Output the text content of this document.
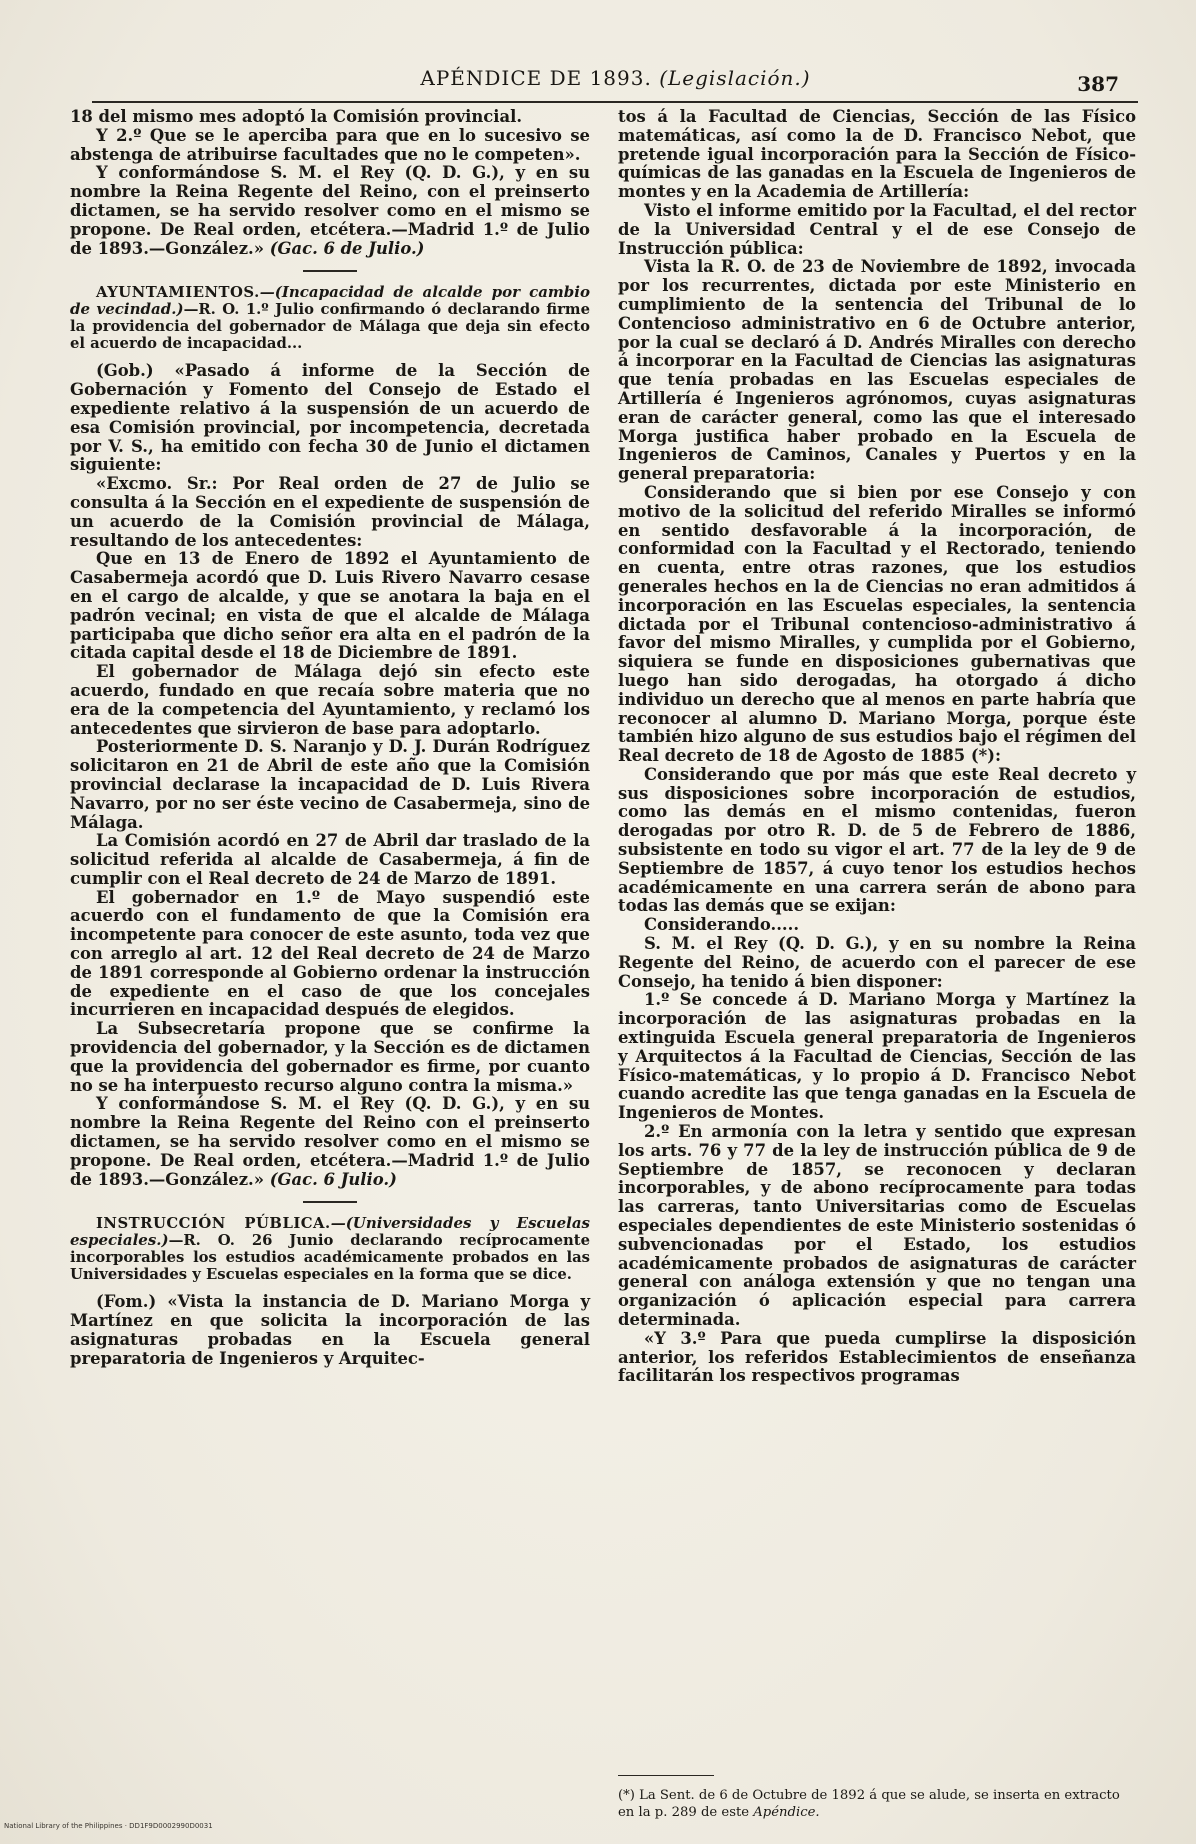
APÉNDICE DE 1893. (Legislación.)	387

18 del mismo mes adoptó la Comisión provincial.

Y 2.º Que se le aperciba para que en lo sucesivo se abstenga de atribuirse facultades que no le competen».

Y conformándose S. M. el Rey (Q. D. G.), y en su nombre la Reina Regente del Reino, con el preinserto dictamen, se ha servido resolver como en el mismo se propone. De Real orden, etcétera.—Madrid 1.º de Julio de 1893.—González.» (Gac. 6 de Julio.)

AYUNTAMIENTOS.—(Incapacidad de alcalde por cambio de vecindad.)—R. O. 1.º Julio confirmando ó declarando firme la providencia del gobernador de Málaga que deja sin efecto el acuerdo de incapacidad...

(Gob.) «Pasado á informe de la Sección de Gobernación y Fomento del Consejo de Estado el expediente relativo á la suspensión de un acuerdo de esa Comisión provincial, por incompetencia, decretada por V. S., ha emitido con fecha 30 de Junio el dictamen siguiente:

«Excmo. Sr.: Por Real orden de 27 de Julio se consulta á la Sección en el expediente de suspensión de un acuerdo de la Comisión provincial de Málaga, resultando de los antecedentes:

Que en 13 de Enero de 1892 el Ayuntamiento de Casabermeja acordó que D. Luis Rivero Navarro cesase en el cargo de alcalde, y que se anotara la baja en el padrón vecinal; en vista de que el alcalde de Málaga participaba que dicho señor era alta en el padrón de la citada capital desde el 18 de Diciembre de 1891.

El gobernador de Málaga dejó sin efecto este acuerdo, fundado en que recaía sobre materia que no era de la competencia del Ayuntamiento, y reclamó los antecedentes que sirvieron de base para adoptarlo.

Posteriormente D. S. Naranjo y D. J. Durán Rodríguez solicitaron en 21 de Abril de este año que la Comisión provincial declarase la incapacidad de D. Luis Rivera Navarro, por no ser éste vecino de Casabermeja, sino de Málaga.

La Comisión acordó en 27 de Abril dar traslado de la solicitud referida al alcalde de Casabermeja, á fin de cumplir con el Real decreto de 24 de Marzo de 1891.

El gobernador en 1.º de Mayo suspendió este acuerdo con el fundamento de que la Comisión era incompetente para conocer de este asunto, toda vez que con arreglo al art. 12 del Real decreto de 24 de Marzo de 1891 corresponde al Gobierno ordenar la instrucción de expediente en el caso de que los concejales incurrieren en incapacidad después de elegidos.

La Subsecretaría propone que se confirme la providencia del gobernador, y la Sección es de dictamen que la providencia del gobernador es firme, por cuanto no se ha interpuesto recurso alguno contra la misma.»

Y conformándose S. M. el Rey (Q. D. G.), y en su nombre la Reina Regente del Reino con el preinserto dictamen, se ha servido resolver como en el mismo se propone. De Real orden, etcétera.—Madrid 1.º de Julio de 1893.—González.» (Gac. 6 Julio.)

INSTRUCCIÓN PÚBLICA.—(Universidades y Escuelas especiales.)—R. O. 26 Junio declarando recíprocamente incorporables los estudios académicamente probados en las Universidades y Escuelas especiales en la forma que se dice.

(Fom.) «Vista la instancia de D. Mariano Morga y Martínez en que solicita la incorporación de las asignaturas probadas en la Escuela general preparatoria de Ingenieros y Arquitec-

tos á la Facultad de Ciencias, Sección de las Físico matemáticas, así como la de D. Francisco Nebot, que pretende igual incorporación para la Sección de Físico-químicas de las ganadas en la Escuela de Ingenieros de montes y en la Academia de Artillería:

Visto el informe emitido por la Facultad, el del rector de la Universidad Central y el de ese Consejo de Instrucción pública:

Vista la R. O. de 23 de Noviembre de 1892, invocada por los recurrentes, dictada por este Ministerio en cumplimiento de la sentencia del Tribunal de lo Contencioso administrativo en 6 de Octubre anterior, por la cual se declaró á D. Andrés Miralles con derecho á incorporar en la Facultad de Ciencias las asignaturas que tenía probadas en las Escuelas especiales de Artillería é Ingenieros agrónomos, cuyas asignaturas eran de carácter general, como las que el interesado Morga justifica haber probado en la Escuela de Ingenieros de Caminos, Canales y Puertos y en la general preparatoria:

Considerando que si bien por ese Consejo y con motivo de la solicitud del referido Miralles se informó en sentido desfavorable á la incorporación, de conformidad con la Facultad y el Rectorado, teniendo en cuenta, entre otras razones, que los estudios generales hechos en la de Ciencias no eran admitidos á incorporación en las Escuelas especiales, la sentencia dictada por el Tribunal contencioso-administrativo á favor del mismo Miralles, y cumplida por el Gobierno, siquiera se funde en disposiciones gubernativas que luego han sido derogadas, ha otorgado á dicho individuo un derecho que al menos en parte habría que reconocer al alumno D. Mariano Morga, porque éste también hizo alguno de sus estudios bajo el régimen del Real decreto de 18 de Agosto de 1885 (*):

Considerando que por más que este Real decreto y sus disposiciones sobre incorporación de estudios, como las demás en el mismo contenidas, fueron derogadas por otro R. D. de 5 de Febrero de 1886, subsistente en todo su vigor el art. 77 de la ley de 9 de Septiembre de 1857, á cuyo tenor los estudios hechos académicamente en una carrera serán de abono para todas las demás que se exijan:

Considerando.....

S. M. el Rey (Q. D. G.), y en su nombre la Reina Regente del Reino, de acuerdo con el parecer de ese Consejo, ha tenido á bien disponer:

1.º Se concede á D. Mariano Morga y Martínez la incorporación de las asignaturas probadas en la extinguida Escuela general preparatoria de Ingenieros y Arquitectos á la Facultad de Ciencias, Sección de las Físico-matemáticas, y lo propio á D. Francisco Nebot cuando acredite las que tenga ganadas en la Escuela de Ingenieros de Montes.

2.º En armonía con la letra y sentido que expresan los arts. 76 y 77 de la ley de instrucción pública de 9 de Septiembre de 1857, se reconocen y declaran incorporables, y de abono recíprocamente para todas las carreras, tanto Universitarias como de Escuelas especiales dependientes de este Ministerio sostenidas ó subvencionadas por el Estado, los estudios académicamente probados de asignaturas de carácter general con análoga extensión y que no tengan una organización ó aplicación especial para carrera determinada.

«Y 3.º Para que pueda cumplirse la disposición anterior, los referidos Establecimientos de enseñanza facilitarán los respectivos programas

(*) La Sent. de 6 de Octubre de 1892 á que se alude, se inserta en extracto en la p. 289 de este Apéndice.
National Library of the Philippines · DD1F9D0002990D0031
